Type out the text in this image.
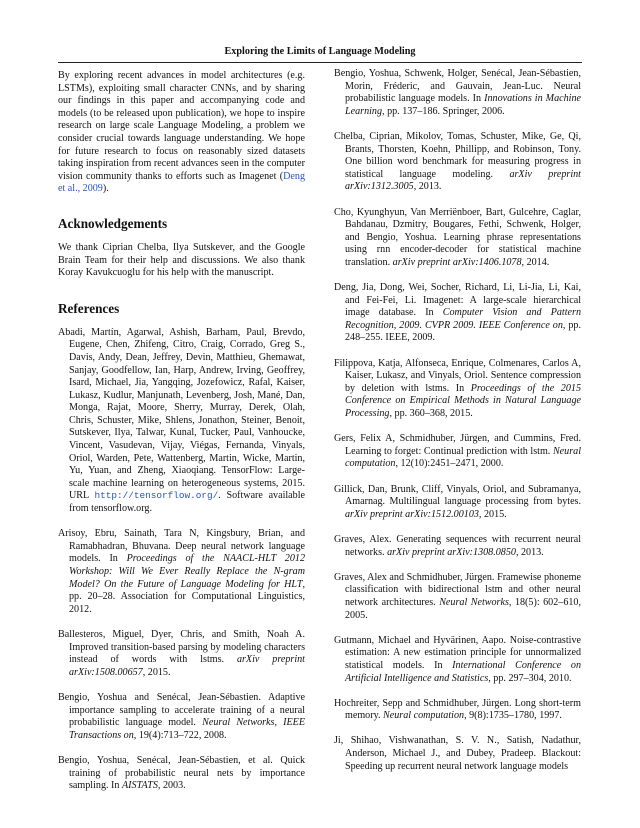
Exploring the Limits of Language Modeling

By exploring recent advances in model architectures (e.g. LSTMs), exploiting small character CNNs, and by sharing our findings in this paper and accompanying code and models (to be released upon publication), we hope to inspire research on large scale Language Modeling, a problem we consider crucial towards language understanding. We hope for future research to focus on reasonably sized datasets taking inspiration from recent advances seen in the computer vision community thanks to efforts such as Imagenet (Deng et al., 2009).

Acknowledgements

We thank Ciprian Chelba, Ilya Sutskever, and the Google Brain Team for their help and discussions. We also thank Koray Kavukcuoglu for his help with the manuscript.

References

Abadi, Martín, Agarwal, Ashish, Barham, Paul, Brevdo, Eugene, Chen, Zhifeng, Citro, Craig, Corrado, Greg S., Davis, Andy, Dean, Jeffrey, Devin, Matthieu, Ghemawat, Sanjay, Goodfellow, Ian, Harp, Andrew, Irving, Geoffrey, Isard, Michael, Jia, Yangqing, Jozefowicz, Rafal, Kaiser, Lukasz, Kudlur, Manjunath, Levenberg, Josh, Mané, Dan, Monga, Rajat, Moore, Sherry, Murray, Derek, Olah, Chris, Schuster, Mike, Shlens, Jonathon, Steiner, Benoit, Sutskever, Ilya, Talwar, Kunal, Tucker, Paul, Vanhoucke, Vincent, Vasudevan, Vijay, Viégas, Fernanda, Vinyals, Oriol, Warden, Pete, Wattenberg, Martin, Wicke, Martin, Yu, Yuan, and Zheng, Xiaoqiang. TensorFlow: Large-scale machine learning on heterogeneous systems, 2015. URL http://tensorflow.org/. Software available from tensorflow.org.

Arisoy, Ebru, Sainath, Tara N, Kingsbury, Brian, and Ramabhadran, Bhuvana. Deep neural network language models. In Proceedings of the NAACL-HLT 2012 Workshop: Will We Ever Really Replace the N-gram Model? On the Future of Language Modeling for HLT, pp. 20–28. Association for Computational Linguistics, 2012.

Ballesteros, Miguel, Dyer, Chris, and Smith, Noah A. Improved transition-based parsing by modeling characters instead of words with lstms. arXiv preprint arXiv:1508.00657, 2015.

Bengio, Yoshua and Senécal, Jean-Sébastien. Adaptive importance sampling to accelerate training of a neural probabilistic language model. Neural Networks, IEEE Transactions on, 19(4):713–722, 2008.

Bengio, Yoshua, Senécal, Jean-Sébastien, et al. Quick training of probabilistic neural nets by importance sampling. In AISTATS, 2003.

Bengio, Yoshua, Schwenk, Holger, Senécal, Jean-Sébastien, Morin, Fréderic, and Gauvain, Jean-Luc. Neural probabilistic language models. In Innovations in Machine Learning, pp. 137–186. Springer, 2006.

Chelba, Ciprian, Mikolov, Tomas, Schuster, Mike, Ge, Qi, Brants, Thorsten, Koehn, Phillipp, and Robinson, Tony. One billion word benchmark for measuring progress in statistical language modeling. arXiv preprint arXiv:1312.3005, 2013.

Cho, Kyunghyun, Van Merriënboer, Bart, Gulcehre, Caglar, Bahdanau, Dzmitry, Bougares, Fethi, Schwenk, Holger, and Bengio, Yoshua. Learning phrase representations using rnn encoder-decoder for statistical machine translation. arXiv preprint arXiv:1406.1078, 2014.

Deng, Jia, Dong, Wei, Socher, Richard, Li, Li-Jia, Li, Kai, and Fei-Fei, Li. Imagenet: A large-scale hierarchical image database. In Computer Vision and Pattern Recognition, 2009. CVPR 2009. IEEE Conference on, pp. 248–255. IEEE, 2009.

Filippova, Katja, Alfonseca, Enrique, Colmenares, Carlos A, Kaiser, Lukasz, and Vinyals, Oriol. Sentence compression by deletion with lstms. In Proceedings of the 2015 Conference on Empirical Methods in Natural Language Processing, pp. 360–368, 2015.

Gers, Felix A, Schmidhuber, Jürgen, and Cummins, Fred. Learning to forget: Continual prediction with lstm. Neural computation, 12(10):2451–2471, 2000.

Gillick, Dan, Brunk, Cliff, Vinyals, Oriol, and Subramanya, Amarnag. Multilingual language processing from bytes. arXiv preprint arXiv:1512.00103, 2015.

Graves, Alex. Generating sequences with recurrent neural networks. arXiv preprint arXiv:1308.0850, 2013.

Graves, Alex and Schmidhuber, Jürgen. Framewise phoneme classification with bidirectional lstm and other neural network architectures. Neural Networks, 18(5): 602–610, 2005.

Gutmann, Michael and Hyvärinen, Aapo. Noise-contrastive estimation: A new estimation principle for unnormalized statistical models. In International Conference on Artificial Intelligence and Statistics, pp. 297–304, 2010.

Hochreiter, Sepp and Schmidhuber, Jürgen. Long short-term memory. Neural computation, 9(8):1735–1780, 1997.

Ji, Shihao, Vishwanathan, S. V. N., Satish, Nadathur, Anderson, Michael J., and Dubey, Pradeep. Blackout: Speeding up recurrent neural network language models
